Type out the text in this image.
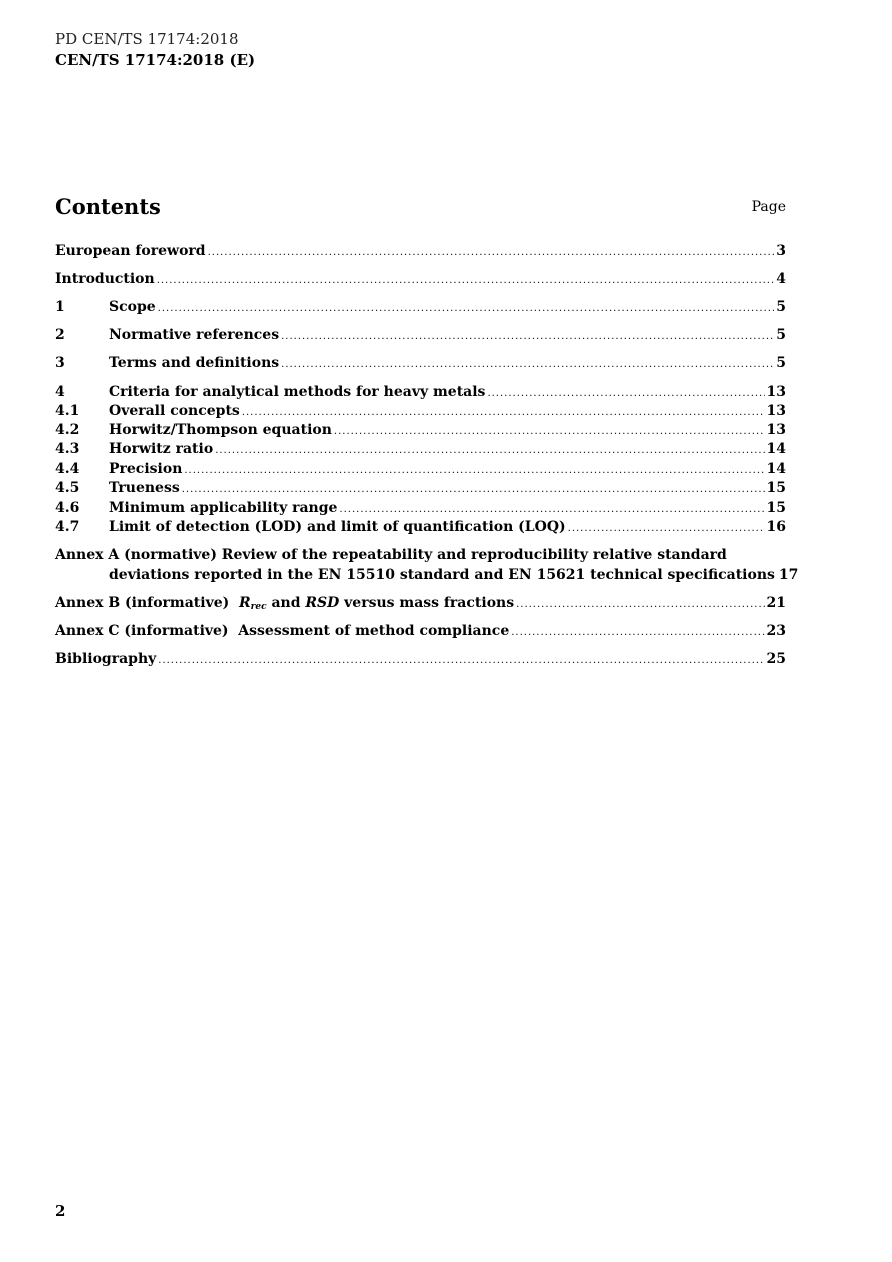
PD CEN/TS 17174:2018
CEN/TS 17174:2018 (E)
Contents	Page
European foreword .....	3
Introduction .....	4
1	Scope .....	5
2	Normative references .....	5
3	Terms and definitions .....	5
4	Criteria for analytical methods for heavy metals .....	13
4.1 Overall concepts .....	13
4.2 Horwitz/Thompson equation .....	13
4.3 Horwitz ratio .....	14
4.4 Precision .....	14
4.5 Trueness .....	15
4.6 Minimum applicability range .....	15
4.7 Limit of detection (LOD) and limit of quantification (LOQ) .....	16
Annex A (normative) Review of the repeatability and reproducibility relative standard
deviations reported in the EN 15510 standard and EN 15621 technical specifications 17
Annex B (informative)  $R_{rec}$ and RSD versus mass fractions .....	21
Annex C (informative)  Assessment of method compliance .....	23
Bibliography .....	25
2
